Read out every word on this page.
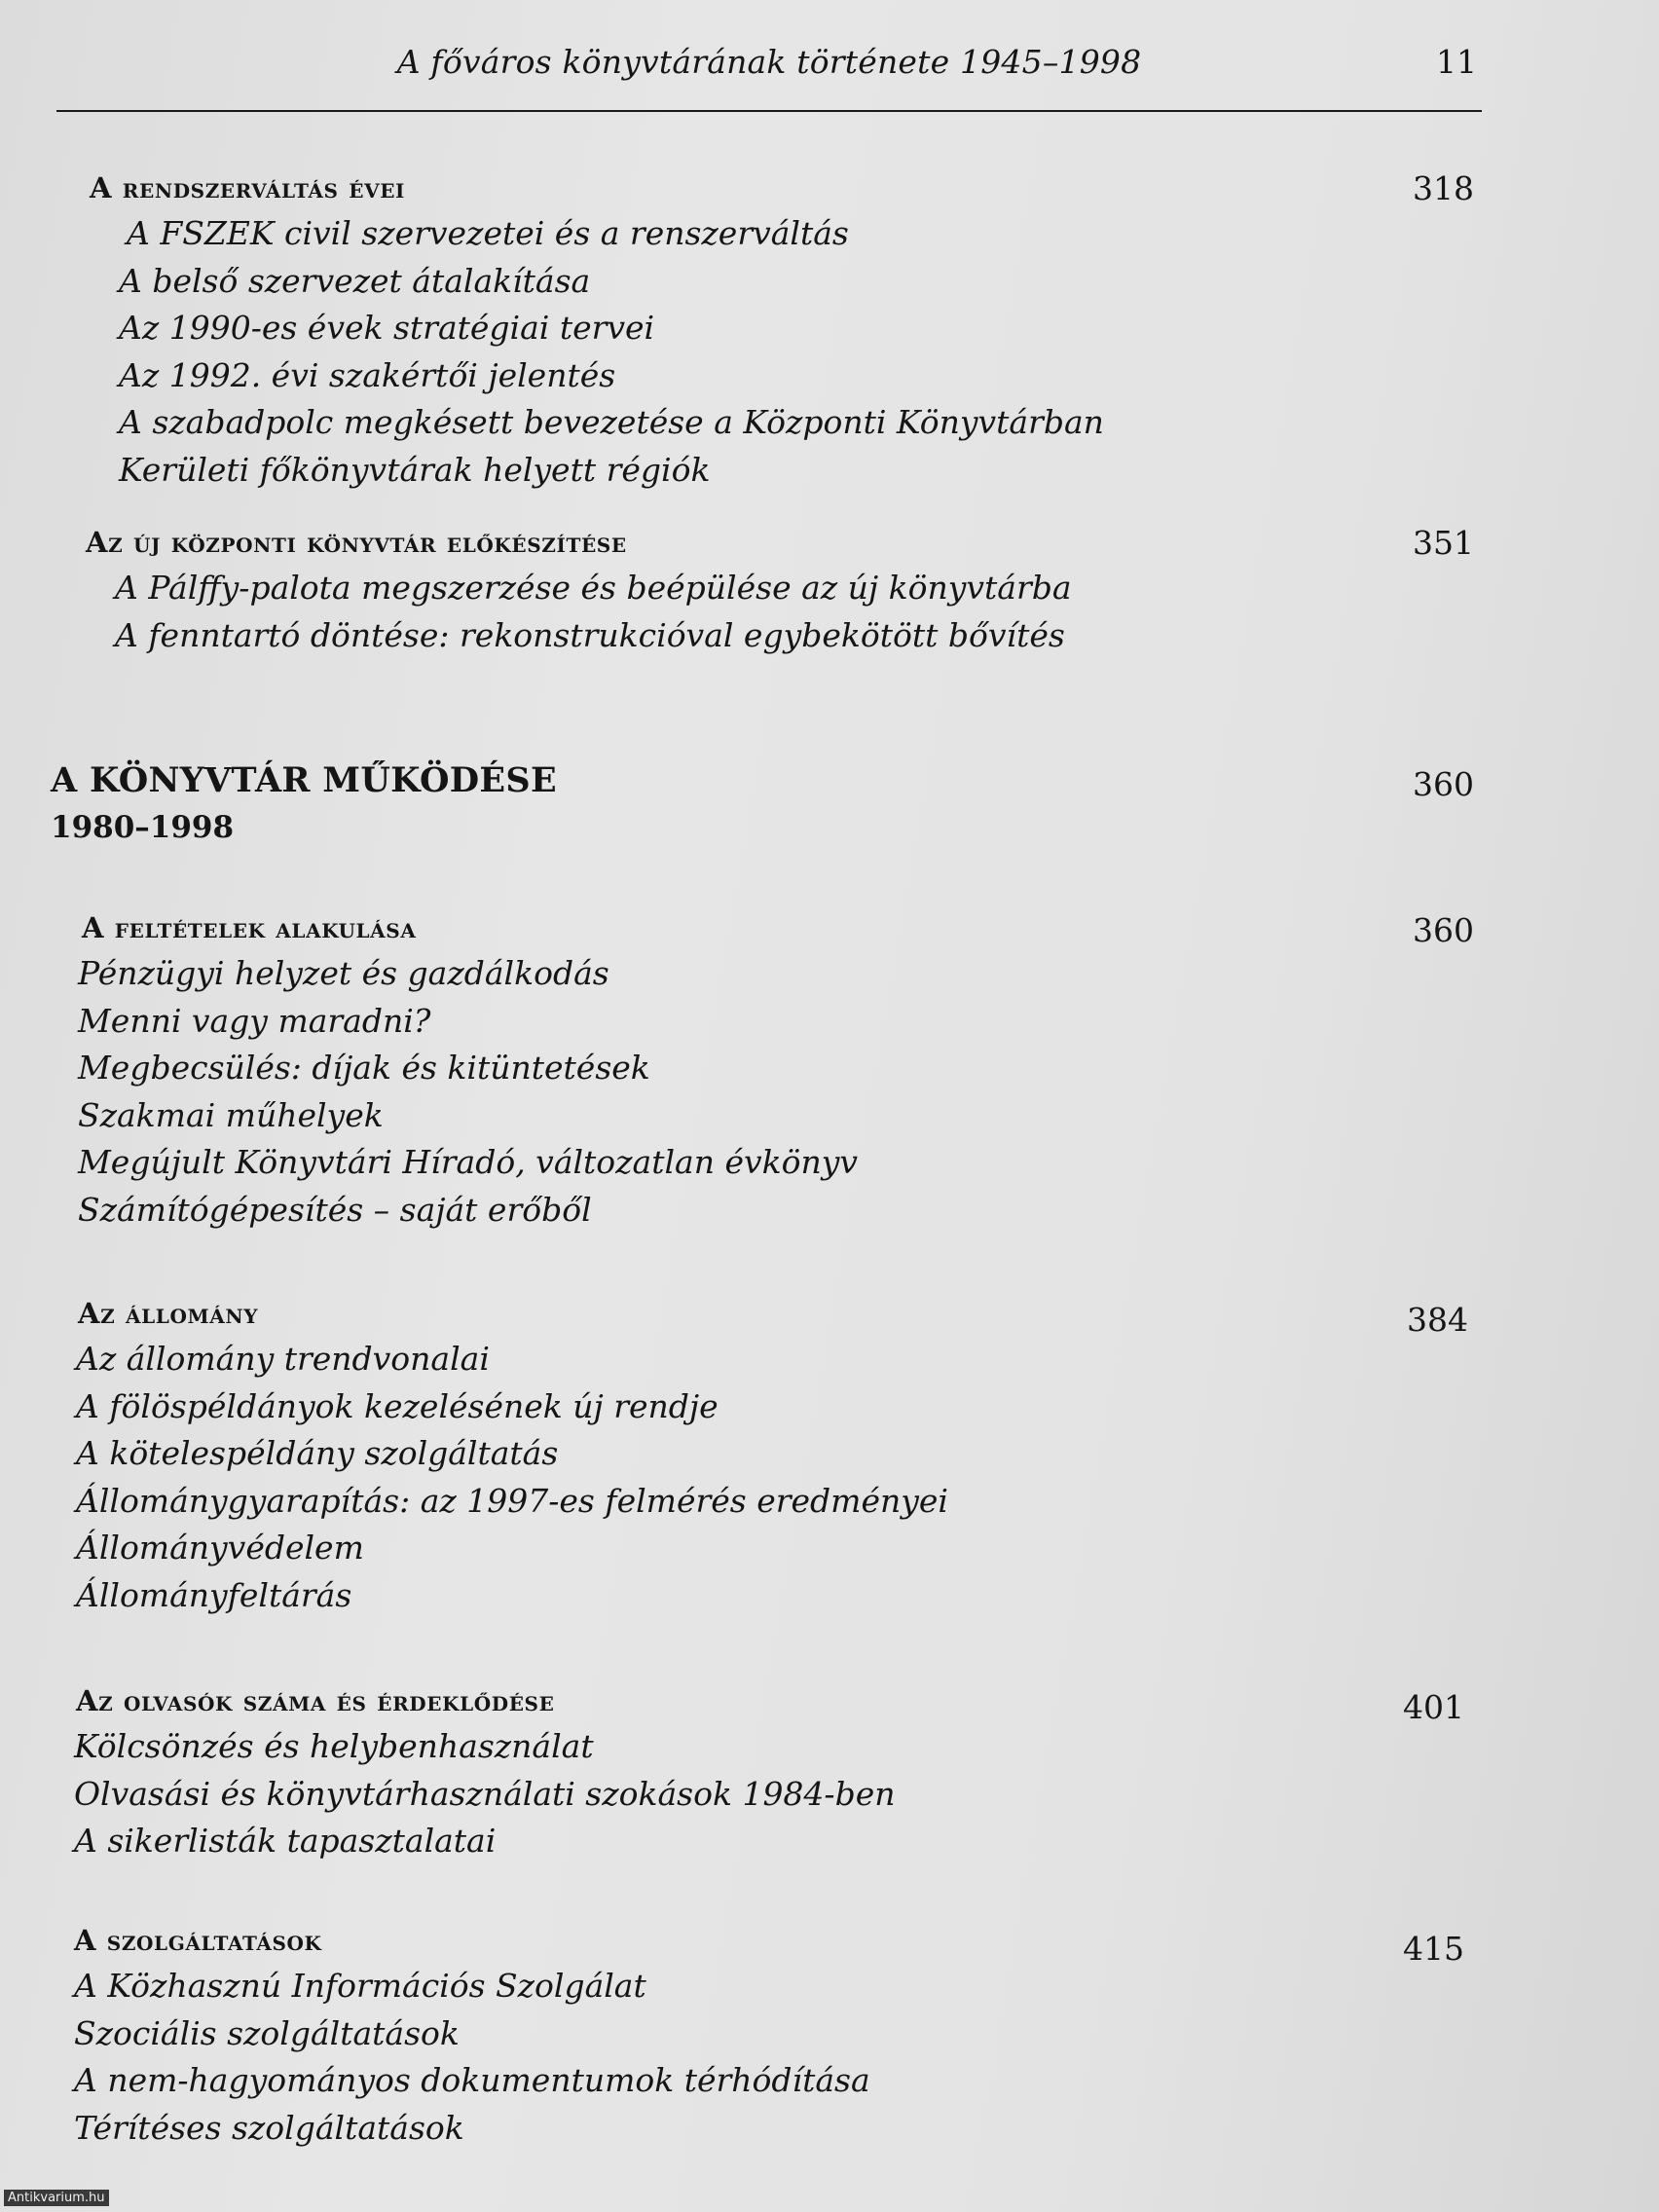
A főváros könyvtárának története 1945–1998	11
A rendszerváltás évei	318
A FSZEK civil szervezetei és a renszerváltás
A belső szervezet átalakítása
Az 1990-es évek stratégiai tervei
Az 1992. évi szakértői jelentés
A szabadpolc megkésett bevezetése a Központi Könyvtárban
Kerületi főkönyvtárak helyett régiók
Az új központi könyvtár előkészítése	351
A Pálffy-palota megszerzése és beépülése az új könyvtárba
A fenntartó döntése: rekonstrukcióval egybekötött bővítés
A KÖNYVTÁR MŰKÖDÉSE	360
1980–1998
A feltételek alakulása	360
Pénzügyi helyzet és gazdálkodás
Menni vagy maradni?
Megbecsülés: díjak és kitüntetések
Szakmai műhelyek
Megújult Könyvtári Híradó, változatlan évkönyv
Számítógépesítés – saját erőből
Az állomány	384
Az állomány trendvonalai
A fölöspéldányok kezelésének új rendje
A kötelespéldány szolgáltatás
Állománygyarapítás: az 1997-es felmérés eredményei
Állományvédelem
Állományfeltárás
Az olvasók száma és érdeklődése	401
Kölcsönzés és helybenhasználat
Olvasási és könyvtárhasználati szokások 1984-ben
A sikerlisták tapasztalatai
A szolgáltatások	415
A Közhasznú Információs Szolgálat
Szociális szolgáltatások
A nem-hagyományos dokumentumok térhódítása
Térítéses szolgáltatások
Antikvarium.hu
